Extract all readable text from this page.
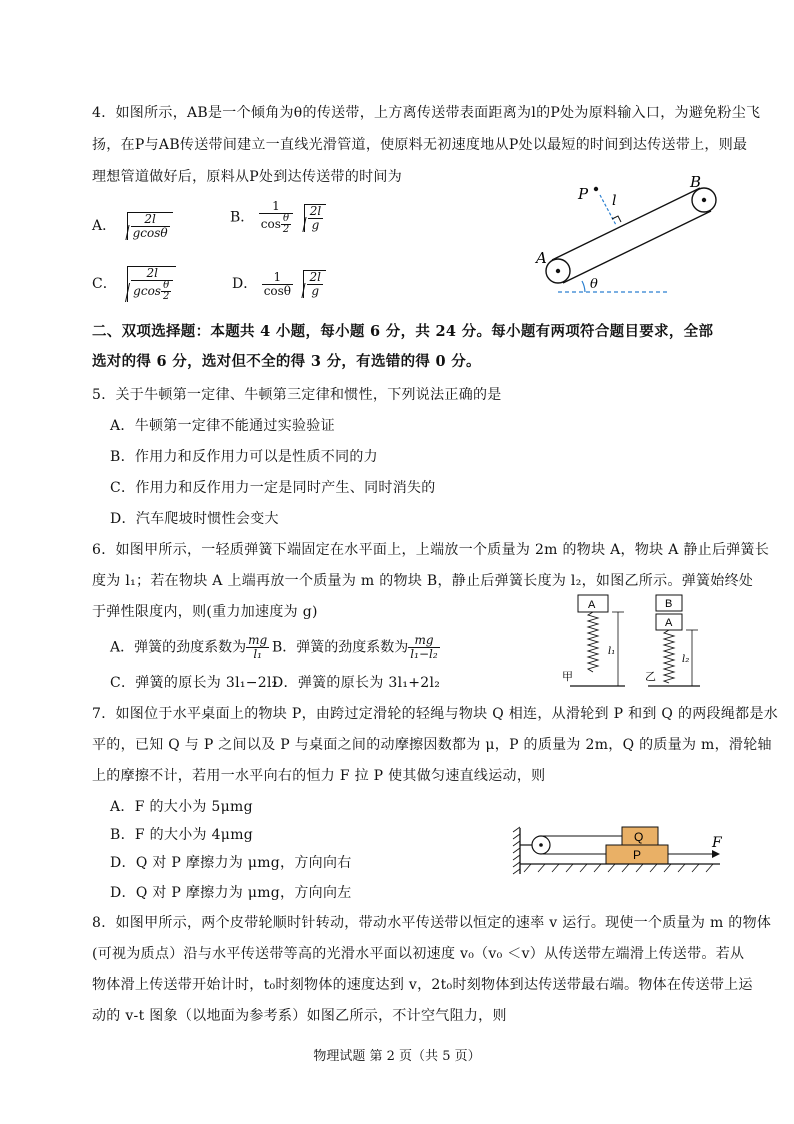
4．如图所示，AB是一个倾角为θ的传送带，上方离传送带表面距离为l的P处为原料输入口，为避免粉尘飞
扬，在P与AB传送带间建立一直线光滑管道，使原料无初速度地从P处以最短的时间到达传送带上，则最
理想管道做好后，原料从P处到达传送带的时间为
A． $\frac{2l}{gcos\theta}$	B． $\frac{1}{\cos \frac{\theta}{2}}$
$\frac{2l}{g}$
C． $\frac{2l}{gcos \frac{\theta}{2}}$	D． $\frac{1}{\cos\theta}$
$\frac{2l}{g}$
P l
B
A
θ
二、双项选择题：本题共 4 小题，每小题 6 分，共 24 分。每小题有两项符合题目要求，全部
选对的得 6 分，选对但不全的得 3 分，有选错的得 0 分。
5．关于牛顿第一定律、牛顿第三定律和惯性，下列说法正确的是
A．牛顿第一定律不能通过实验验证
B．作用力和反作用力可以是性质不同的力
C．作用力和反作用力一定是同时产生、同时消失的
D．汽车爬坡时惯性会变大
6．如图甲所示，一轻质弹簧下端固定在水平面上，上端放一个质量为 2m 的物块 A，物块 A 静止后弹簧长
度为 l₁；若在物块 A 上端再放一个质量为 m 的物块 B，静止后弹簧长度为 l₂，如图乙所示。弹簧始终处
于弹性限度内，则(重力加速度为 g)
A．弹簧的劲度系数为 $\frac{mg}{\text{l₁}}$ B．弹簧的劲度系数为 $\frac{mg}{\text{l₁−l₂}}$
C．弹簧的原长为 3l₁−2l₂
D．弹簧的原长为 3l₁+2l₂
A
l₁
甲
B
A
l₂
乙
7．如图位于水平桌面上的物块 P，由跨过定滑轮的轻绳与物块 Q 相连，从滑轮到 P 和到 Q 的两段绳都是水
平的，已知 Q 与 P 之间以及 P 与桌面之间的动摩擦因数都为 μ，P 的质量为 2m，Q 的质量为 m，滑轮轴
上的摩擦不计，若用一水平向右的恒力 F 拉 P 使其做匀速直线运动，则
A．F 的大小为 5μmg
B．F 的大小为 4μmg
D．Q 对 P 摩擦力为 μmg，方向向右
D．Q 对 P 摩擦力为 μmg，方向向左
Q
P
F
8．如图甲所示，两个皮带轮顺时针转动，带动水平传送带以恒定的速率 v 运行。现使一个质量为 m 的物体
(可视为质点）沿与水平传送带等高的光滑水平面以初速度 v₀（v₀ ＜v）从传送带左端滑上传送带。若从
物体滑上传送带开始计时，t₀时刻物体的速度达到 v，2t₀时刻物体到达传送带最右端。物体在传送带上运
动的 v-t 图象（以地面为参考系）如图乙所示，不计空气阻力，则
物理试题 第 2 页（共 5 页）
